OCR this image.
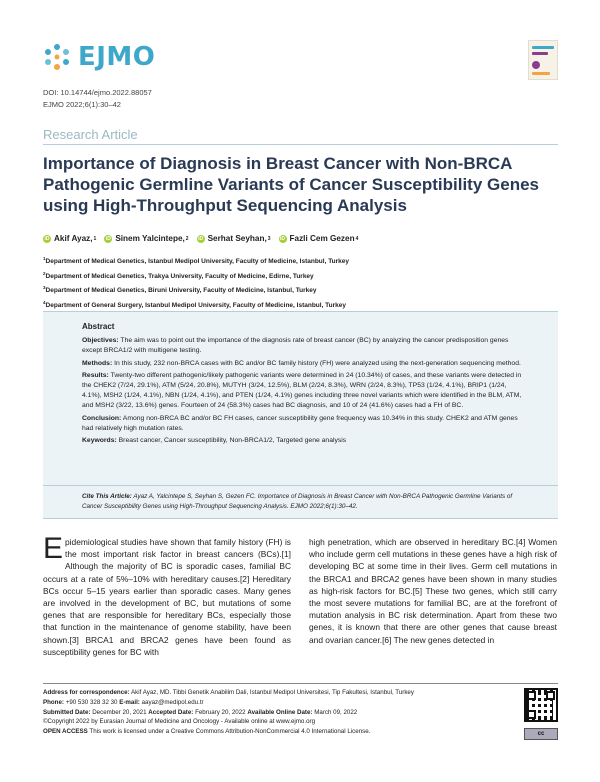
EJMO
DOI: 10.14744/ejmo.2022.88057
EJMO 2022;6(1):30–42
Research Article
Importance of Diagnosis in Breast Cancer with Non-BRCA Pathogenic Germline Variants of Cancer Susceptibility Genes using High-Throughput Sequencing Analysis
iD Akif Ayaz, 1	iD Sinem Yalcintepe, 2	iD Serhat Seyhan, 3	iD Fazli Cem Gezen 4
$^1$Department of Medical Genetics, Istanbul Medipol University, Faculty of Medicine, Istanbul, Turkey
$^2$Department of Medical Genetics, Trakya University, Faculty of Medicine, Edirne, Turkey
$^3$Department of Medical Genetics, Biruni University, Faculty of Medicine, Istanbul, Turkey
$^4$Department of General Surgery, Istanbul Medipol University, Faculty of Medicine, Istanbul, Turkey
Abstract

Objectives: The aim was to point out the importance of the diagnosis rate of breast cancer (BC) by analyzing the cancer predisposition genes except BRCA1/2 with multigene testing.

Methods: In this study, 232 non-BRCA cases with BC and/or BC family history (FH) were analyzed using the next-generation sequencing method.

Results: Twenty-two different pathogenic/likely pathogenic variants were determined in 24 (10.34%) of cases, and these variants were detected in the CHEK2 (7/24, 29.1%), ATM (5/24, 20.8%), MUTYH (3/24, 12.5%), BLM (2/24, 8.3%), WRN (2/24, 8.3%), TP53 (1/24, 4.1%), BRIP1 (1/24, 4.1%), MSH2 (1/24, 4.1%), NBN (1/24, 4.1%), and PTEN (1/24, 4.1%) genes including three novel variants which were identified in the BLM, ATM, and MSH2 (3/22, 13.6%) genes. Fourteen of 24 (58.3%) cases had BC diagnosis, and 10 of 24 (41.6%) cases had a FH of BC.

Conclusion: Among non-BRCA BC and/or BC FH cases, cancer susceptibility gene frequency was 10.34% in this study. CHEK2 and ATM genes had relatively high mutation rates.

Keywords: Breast cancer, Cancer susceptibility, Non-BRCA1/2, Targeted gene analysis

Cite This Article: Ayaz A, Yalcintepe S, Seyhan S, Gezen FC. Importance of Diagnosis in Breast Cancer with Non-BRCA Pathogenic Germline Variants of Cancer Susceptibility Genes using High-Throughput Sequencing Analysis. EJMO 2022;6(1):30–42.
Epidemiological studies have shown that family history (FH) is the most important risk factor in breast cancers (BCs).[1] Although the majority of BC is sporadic cases, familial BC occurs at a rate of 5%–10% with hereditary causes.[2] Hereditary BCs occur 5–15 years earlier than sporadic cases. Many genes are involved in the development of BC, but mutations of some genes that are responsible for hereditary BCs, especially those that function in the maintenance of genome stability, have been shown.[3] BRCA1 and BRCA2 genes have been found as susceptibility genes for BC with
high penetration, which are observed in hereditary BC.[4] Women who include germ cell mutations in these genes have a high risk of developing BC at some time in their lives. Germ cell mutations in the BRCA1 and BRCA2 genes have been shown in many studies as high-risk factors for BC.[5] These two genes, which still carry the most severe mutations for familial BC, are at the forefront of mutation analysis in BC risk determination. Apart from these two genes, it is known that there are other genes that cause breast and ovarian cancer.[6] The new genes detected in
Address for correspondence: Akif Ayaz, MD. Tibbi Genetik Anabilim Dali, Istanbul Medipol Universitesi, Tip Fakultesi, Istanbul, Turkey
Phone: +90 530 328 32 30 E-mail: aayaz@medipol.edu.tr
Submitted Date: December 20, 2021 Accepted Date: February 20, 2022 Available Online Date: March 09, 2022
©Copyright 2022 by Eurasian Journal of Medicine and Oncology - Available online at www.ejmo.org
OPEN ACCESS This work is licensed under a Creative Commons Attribution-NonCommercial 4.0 International License.	cc
